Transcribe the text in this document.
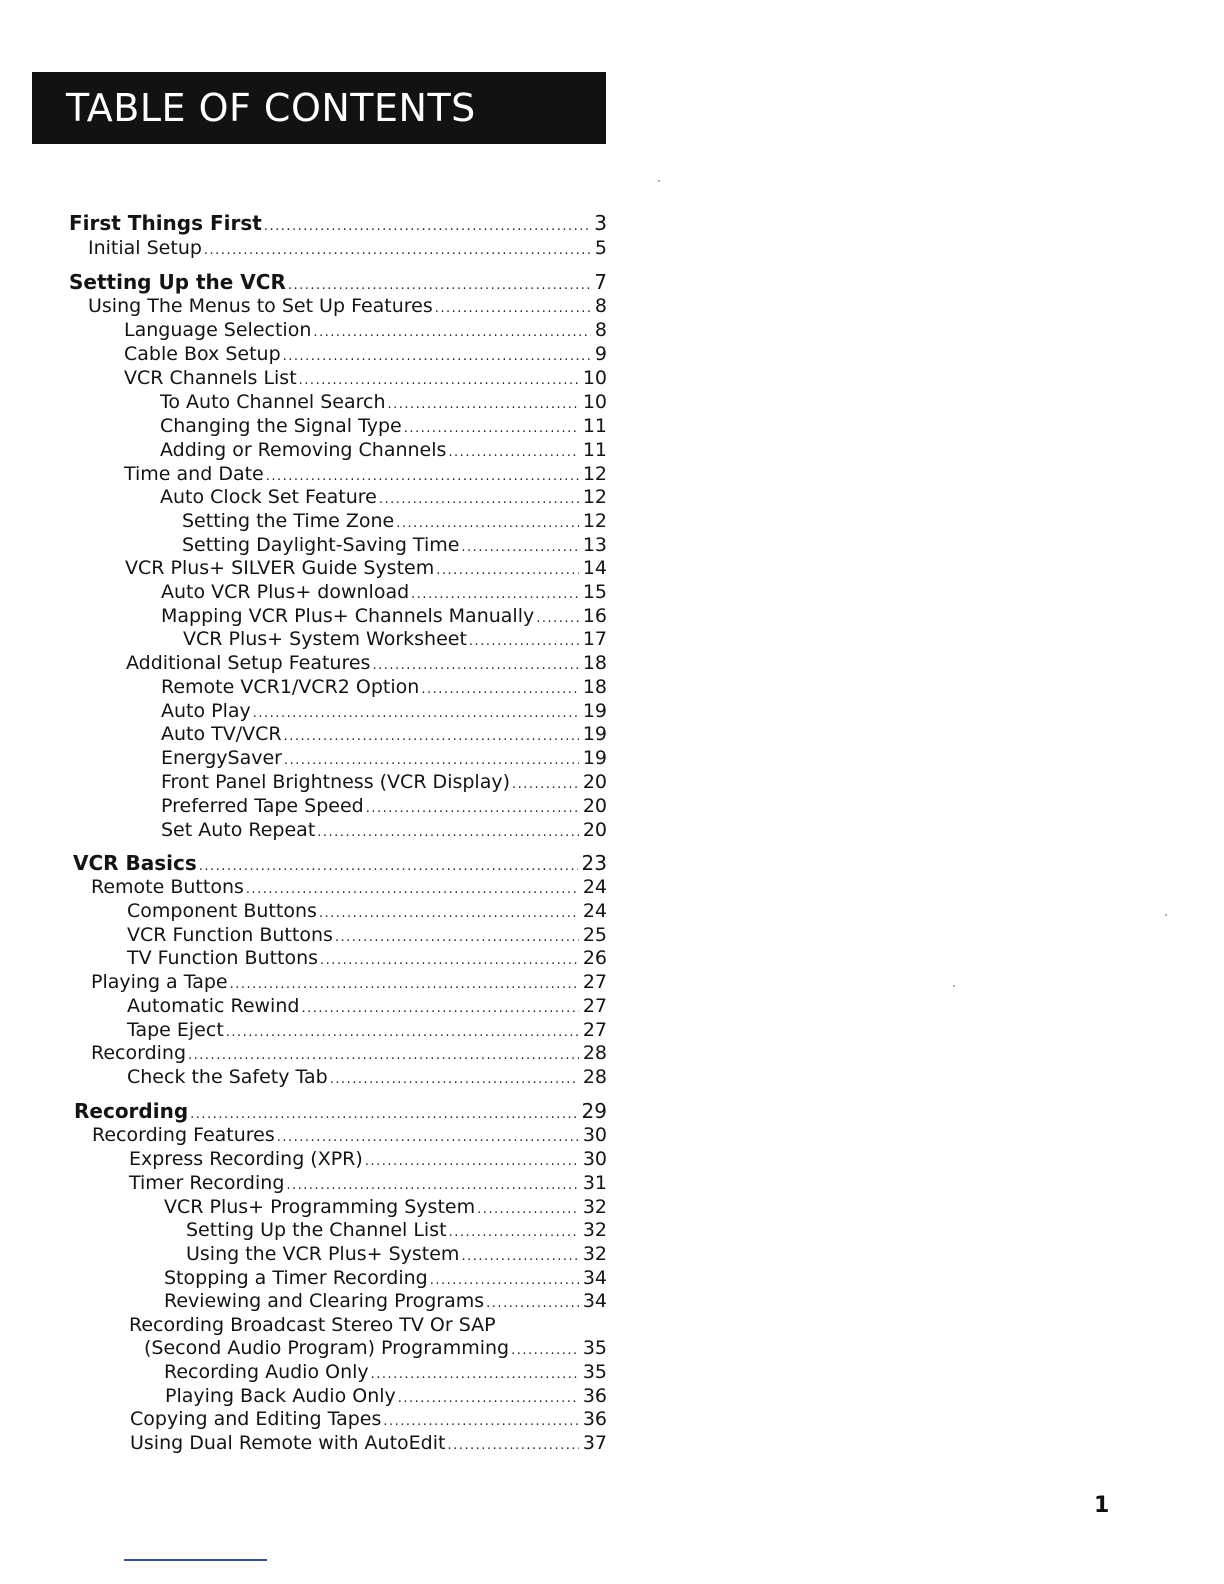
TABLE OF CONTENTS
First Things First .....	3
Initial Setup .....	5
Setting Up the VCR .....	7
Using The Menus to Set Up Features .....	8
Language Selection .....	8
Cable Box Setup .....	9
VCR Channels List .....	10
To Auto Channel Search .....	10
Changing the Signal Type .....	11
Adding or Removing Channels .....	11
Time and Date .....	12
Auto Clock Set Feature .....	12
Setting the Time Zone .....	12
Setting Daylight-Saving Time .....	13
VCR Plus+ SILVER Guide System .....	14
Auto VCR Plus+ download .....	15
Mapping VCR Plus+ Channels Manually .....	16
VCR Plus+ System Worksheet .....	17
Additional Setup Features .....	18
Remote VCR1/VCR2 Option .....	18
Auto Play .....	19
Auto TV/VCR .....	19
EnergySaver .....	19
Front Panel Brightness (VCR Display) .....	20
Preferred Tape Speed .....	20
Set Auto Repeat .....	20
VCR Basics .....	23
Remote Buttons .....	24
Component Buttons .....	24
VCR Function Buttons .....	25
TV Function Buttons .....	26
Playing a Tape .....	27
Automatic Rewind .....	27
Tape Eject .....	27
Recording .....	28
Check the Safety Tab .....	28
Recording .....	29
Recording Features .....	30
Express Recording (XPR) .....	30
Timer Recording .....	31
VCR Plus+ Programming System .....	32
Setting Up the Channel List .....	32
Using the VCR Plus+ System .....	32
Stopping a Timer Recording .....	34
Reviewing and Clearing Programs .....	34
Recording Broadcast Stereo TV Or SAP
(Second Audio Program) Programming .....	35
Recording Audio Only .....	35
Playing Back Audio Only .....	36
Copying and Editing Tapes .....	36
Using Dual Remote with AutoEdit .....	37
1
